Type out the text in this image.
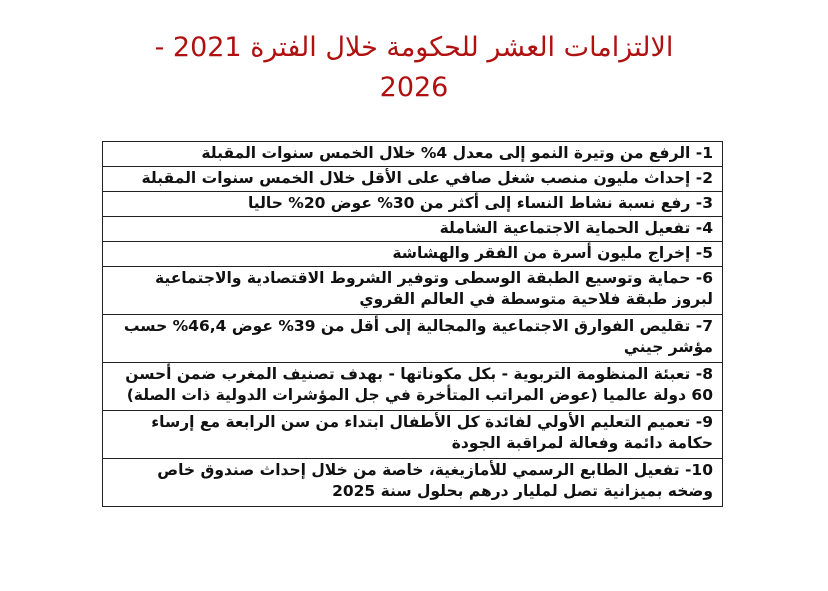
الالتزامات العشر للحكومة خلال الفترة 2021 -
2026
1- الرفع من وتيرة النمو إلى معدل 4% خلال الخمس سنوات المقبلة
2- إحداث مليون منصب شغل صافي على الأقل خلال الخمس سنوات المقبلة
3- رفع نسبة نشاط النساء إلى أكثر من 30% عوض 20% حاليا
4- تفعيل الحماية الاجتماعية الشاملة
5- إخراج مليون أسرة من الفقر والهشاشة
6- حماية وتوسيع الطبقة الوسطى وتوفير الشروط الاقتصادية والاجتماعية لبروز طبقة فلاحية متوسطة في العالم القروي
7- تقليص الفوارق الاجتماعية والمجالية إلى أقل من 39% عوض 46,4% حسب مؤشر جيني
8- تعبئة المنظومة التربوية - بكل مكوناتها - بهدف تصنيف المغرب ضمن أحسن 60 دولة عالميا (عوض المراتب المتأخرة في جل المؤشرات الدولية ذات الصلة)
9- تعميم التعليم الأولي لفائدة كل الأطفال ابتداء من سن الرابعة مع إرساء حكامة دائمة وفعالة لمراقبة الجودة
10- تفعيل الطابع الرسمي للأمازيغية، خاصة من خلال إحداث صندوق خاص وضخه بميزانية تصل لمليار درهم بحلول سنة 2025
